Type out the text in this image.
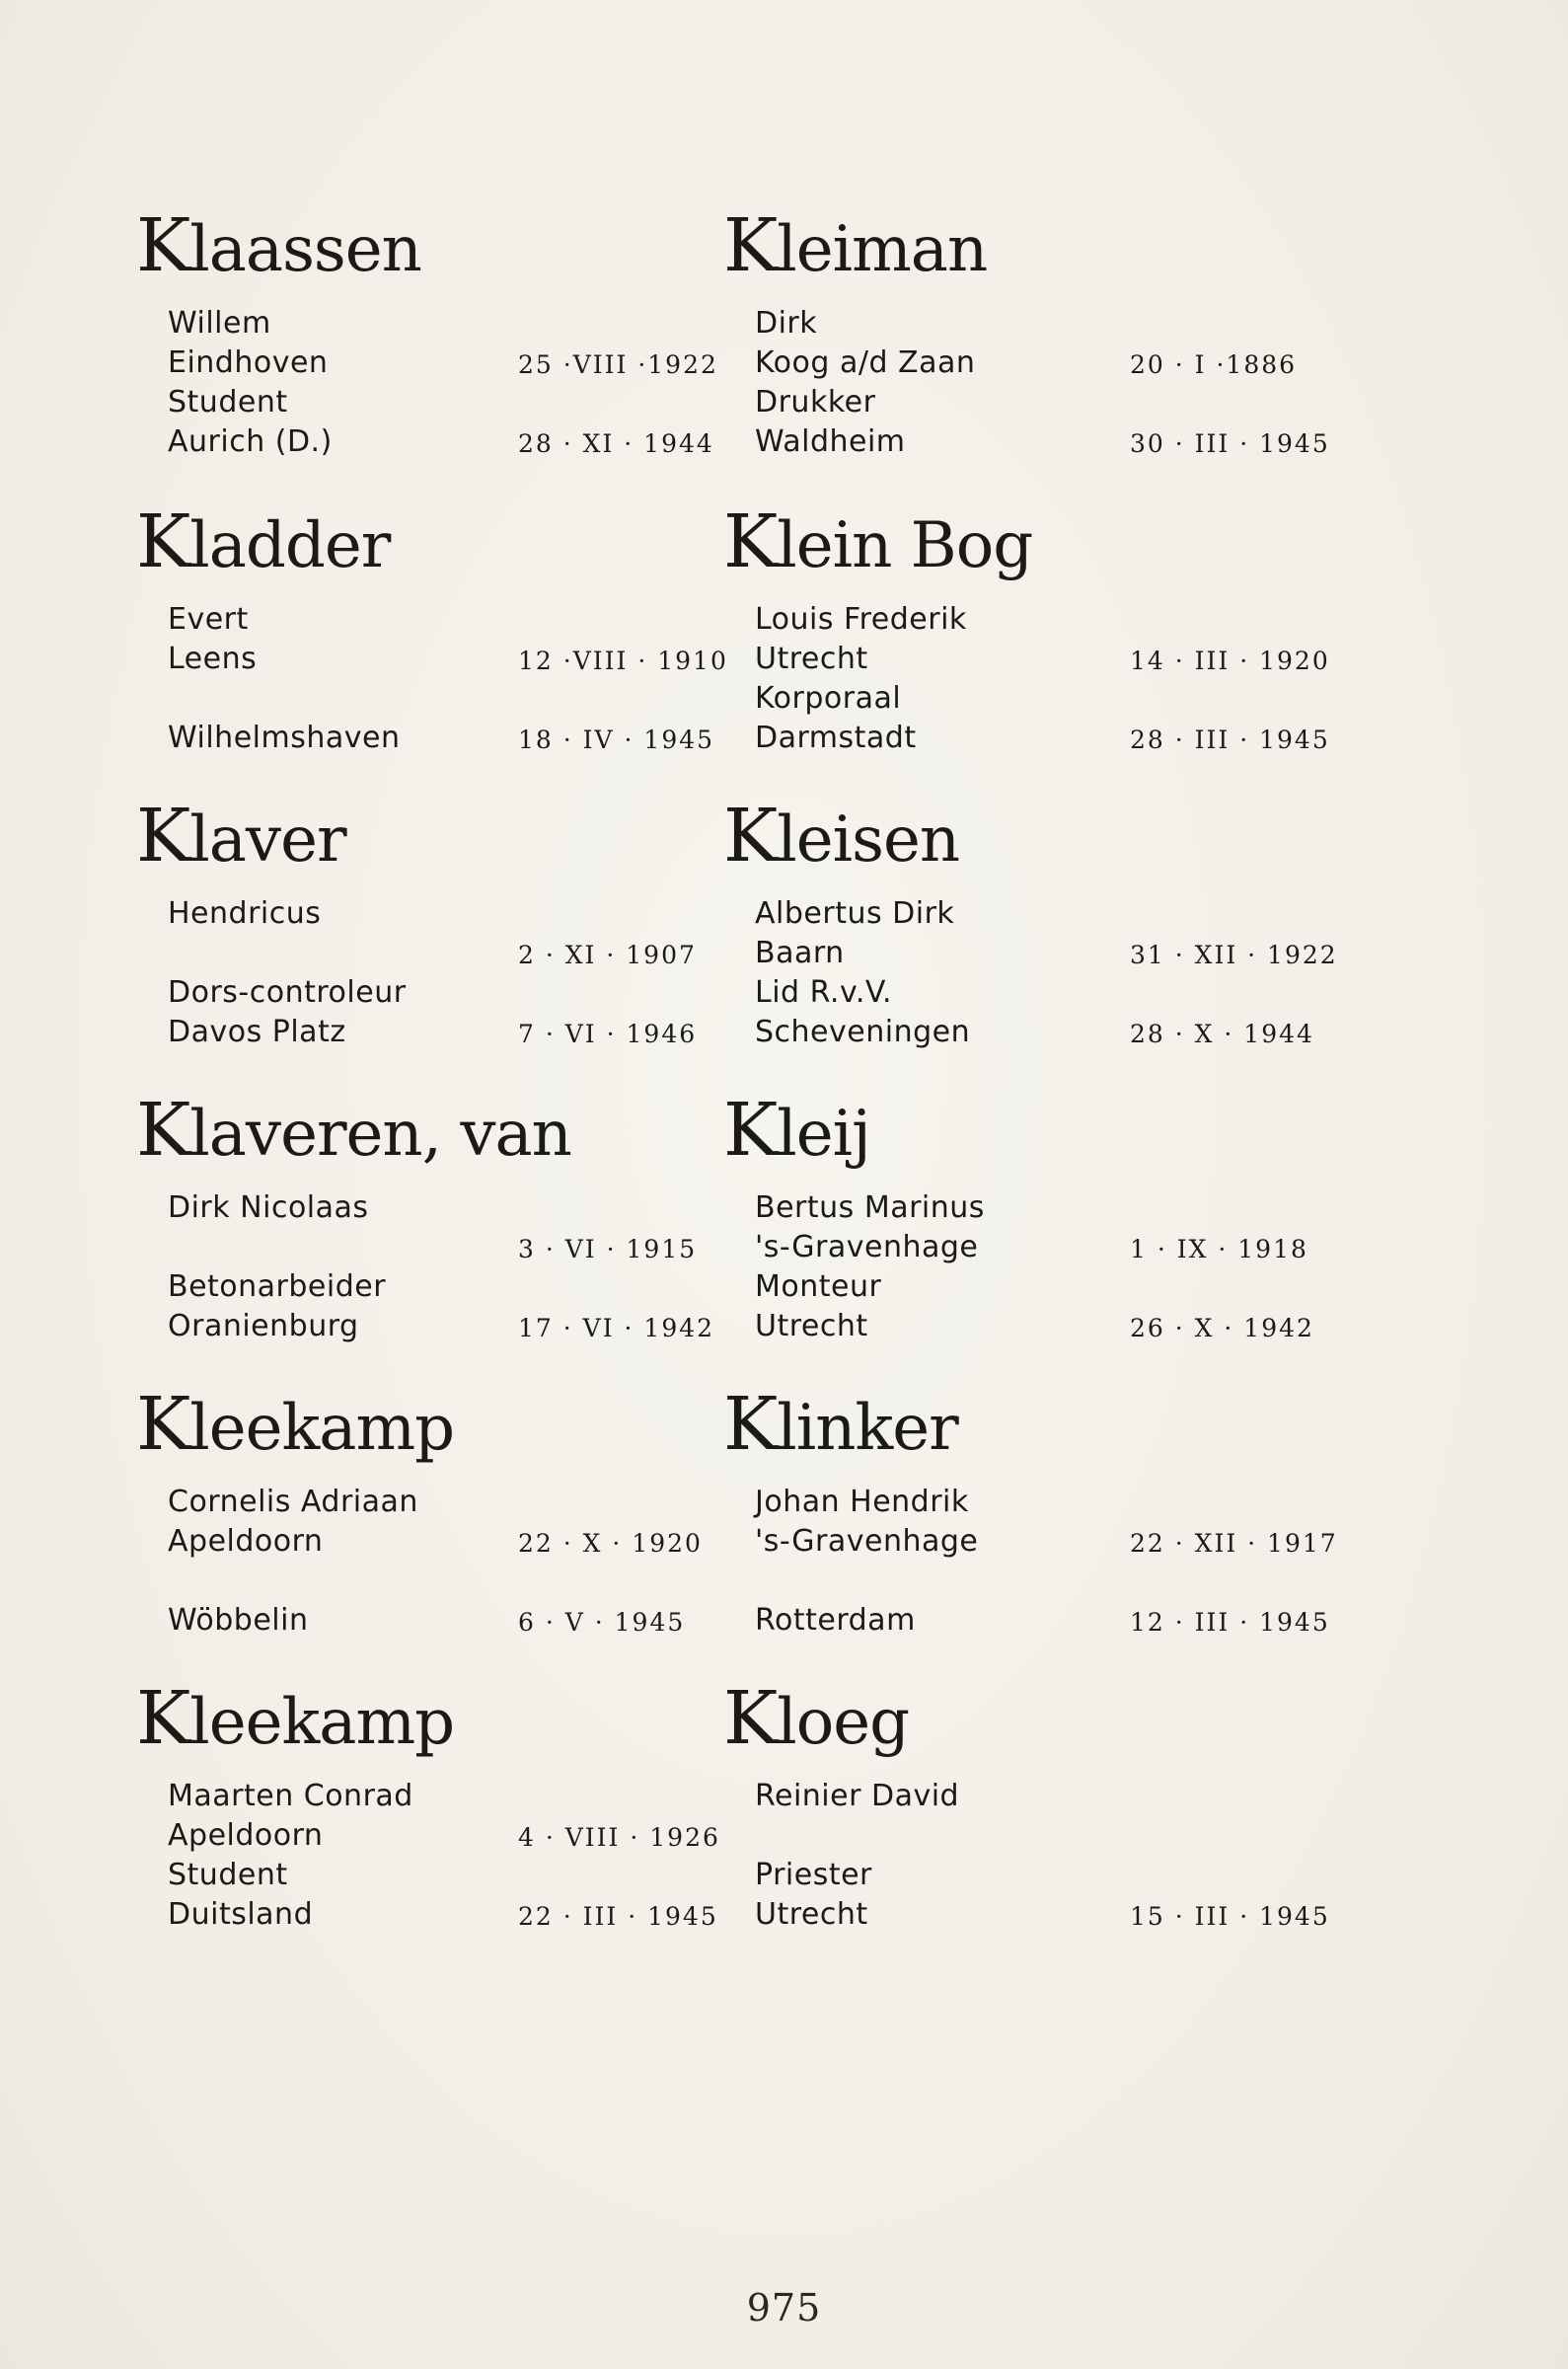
Klaassen
Willem
Eindhoven	25 ·VIII ·1922
Student
Aurich (D.)	28 · XI · 1944
Kleiman
Dirk
Koog a/d Zaan	20 · I ·1886
Drukker
Waldheim	30 · III · 1945
Kladder
Evert
Leens	12 ·VIII · 1910
Wilhelmshaven	18 · IV · 1945
Klein Bog
Louis Frederik
Utrecht	14 · III · 1920
Korporaal
Darmstadt	28 · III · 1945
Klaver
Hendricus
2 · XI · 1907
Dors-controleur
Davos Platz	7 · VI · 1946
Kleisen
Albertus Dirk
Baarn	31 · XII · 1922
Lid R.v.V.
Scheveningen	28 · X · 1944
Klaveren, van
Dirk Nicolaas
3 · VI · 1915
Betonarbeider
Oranienburg	17 · VI · 1942
Kleij
Bertus Marinus
's-Gravenhage	1 · IX · 1918
Monteur
Utrecht	26 · X · 1942
Kleekamp
Cornelis Adriaan
Apeldoorn	22 · X · 1920
Wöbbelin	6 · V · 1945
Klinker
Johan Hendrik
's-Gravenhage	22 · XII · 1917
Rotterdam	12 · III · 1945
Kleekamp
Maarten Conrad
Apeldoorn	4 · VIII · 1926
Student
Duitsland	22 · III · 1945
Kloeg
Reinier David
Priester
Utrecht	15 · III · 1945
975
